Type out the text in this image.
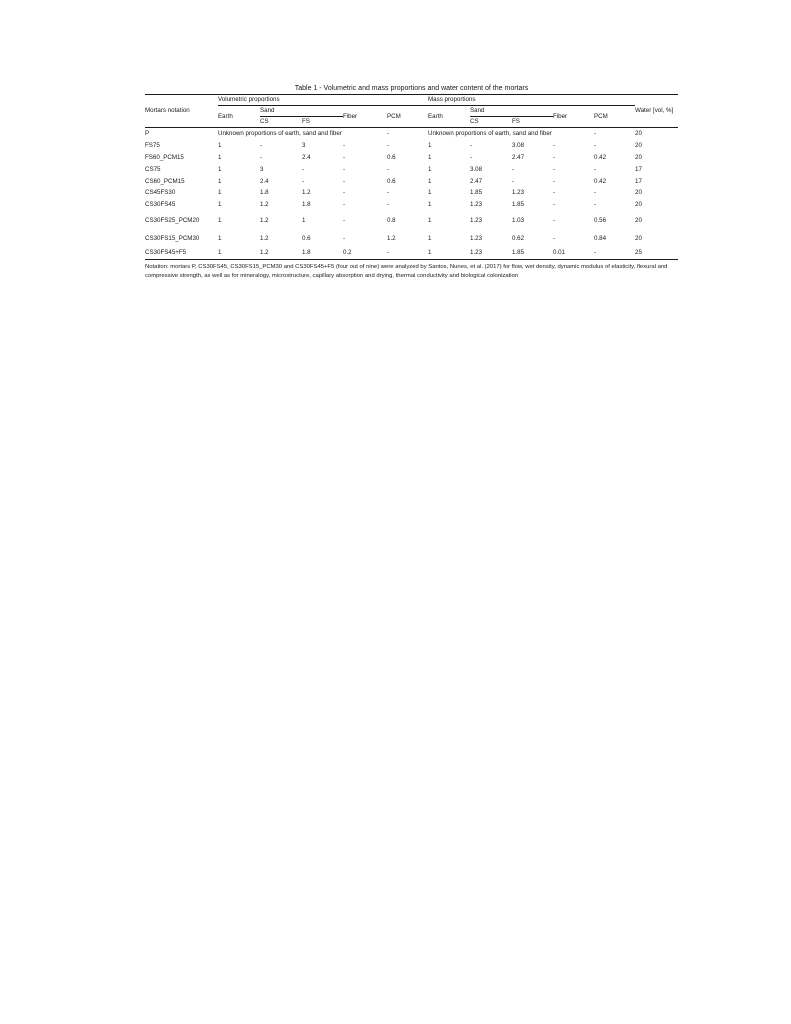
Table 1 - Volumetric and mass proportions and water content of the mortars

Mortars notation	Volumetric proportions					Mass proportions					Water [vol, %]
	Earth	Sand		Fiber	PCM	Earth	Sand		Fiber	PCM	
		CS	FS				CS	FS			
P	Unknown proportions of earth, sand and fiber				-	Unknown proportions of earth, sand and fiber				-	20
FS75	1	-	3	-	-	1	-	3.08	-	-	20
FS60_PCM15	1	-	2.4	-	0.6	1	-	2.47	-	0.42	20
CS75	1	3	-	-	-	1	3.08	-	-	-	17
CS60_PCM15	1	2.4	-	-	0.6	1	2.47	-	-	0.42	17
CS45FS30	1	1.8	1.2	-	-	1	1.85	1.23	-	-	20
CS30FS45	1	1.2	1.8	-	-	1	1.23	1.85	-	-	20
CS30FS25_PCM20	1	1.2	1	-	0.8	1	1.23	1.03	-	0.56	20
CS30FS15_PCM30	1	1.2	0.6	-	1.2	1	1.23	0.62	-	0.84	20
CS30FS45+F5	1	1.2	1.8	0.2	-	1	1.23	1.85	0.01	-	25

Notation: mortars P, CS30FS45, CS30FS15_PCM30 and CS30FS45+F5 (four out of nine) were analyzed by Santos, Nunes, et al. (2017) for flow, wet density, dynamic modulus of elasticity, flexural and compressive strength, as well as for mineralogy, microstructure, capillary absorption and drying, thermal conductivity and biological colonization
